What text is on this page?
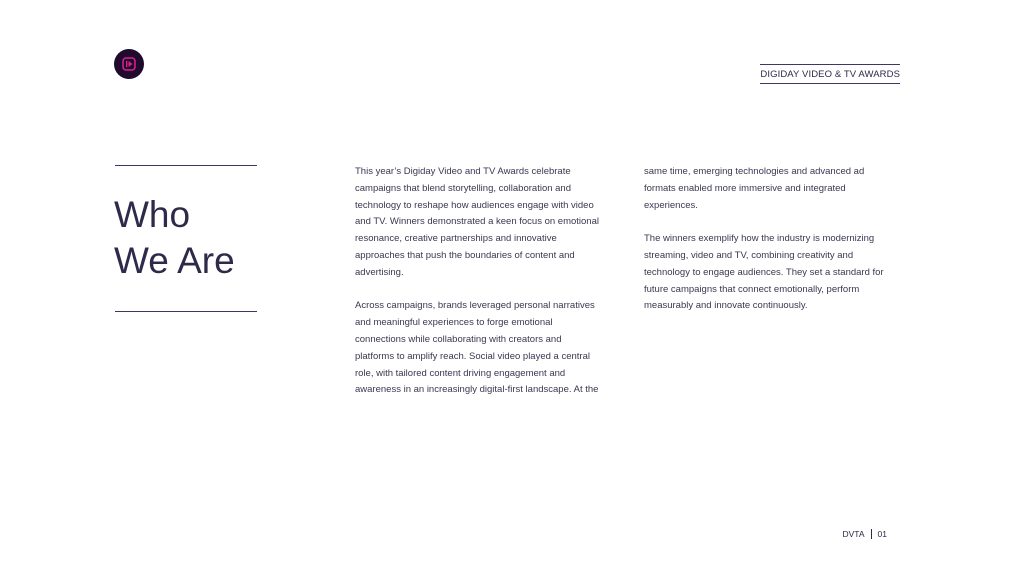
DIGIDAY VIDEO & TV AWARDS
Who
We Are

This year’s Digiday Video and TV Awards celebrate
campaigns that blend storytelling, collaboration and
technology to reshape how audiences engage with video
and TV. Winners demonstrated a keen focus on emotional
resonance, creative partnerships and innovative
approaches that push the boundaries of content and
advertising.

Across campaigns, brands leveraged personal narratives
and meaningful experiences to forge emotional
connections while collaborating with creators and
platforms to amplify reach. Social video played a central
role, with tailored content driving engagement and
awareness in an increasingly digital-first landscape. At the

same time, emerging technologies and advanced ad
formats enabled more immersive and integrated
experiences.

The winners exemplify how the industry is modernizing
streaming, video and TV, combining creativity and
technology to engage audiences. They set a standard for
future campaigns that connect emotionally, perform
measurably and innovate continuously.

DVTA 01
